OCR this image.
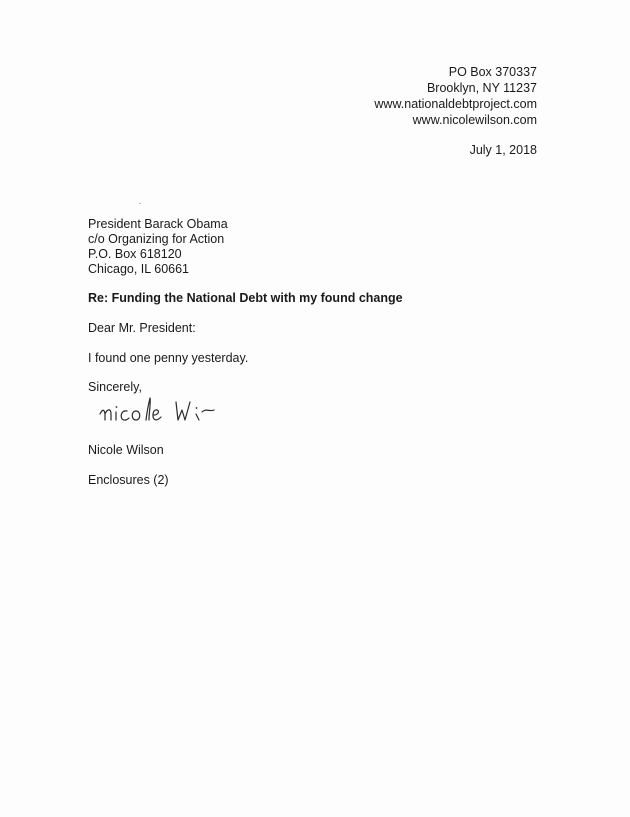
PO Box 370337
Brooklyn, NY 11237
www.nationaldebtproject.com
www.nicolewilson.com
July 1, 2018
President Barack Obama
c/o Organizing for Action
P.O. Box 618120
Chicago, IL 60661
Re: Funding the National Debt with my found change
Dear Mr. President:
I found one penny yesterday.
Sincerely,
Nicole Wilson
Enclosures (2)
